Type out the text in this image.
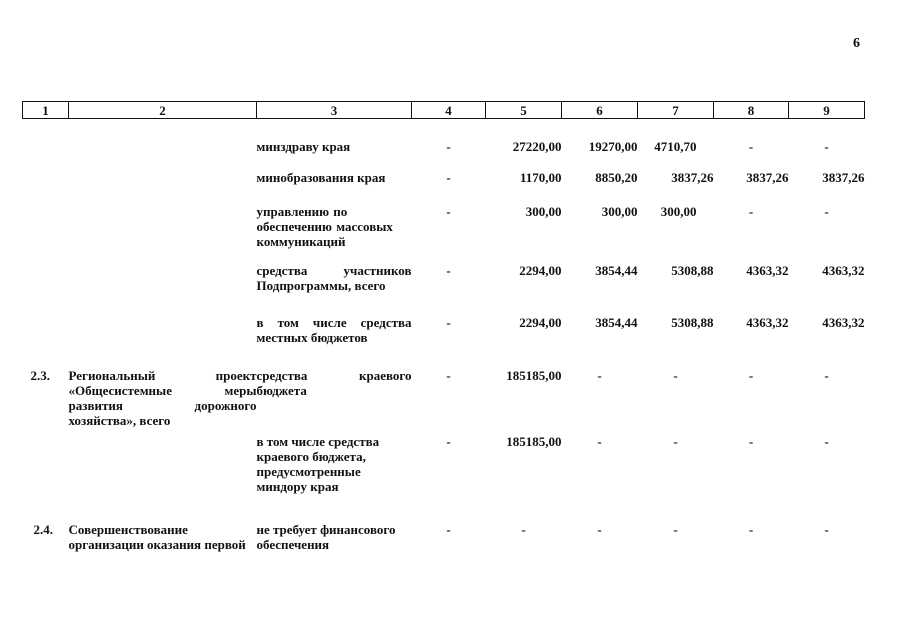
6
1	2	3	4	5	6	7	8	9
		минздраву края	-	27220,00	19270,00	4710,70	-	-
		минобразования края	-	1170,00	8850,20	3837,26	3837,26	3837,26
		управлению по обеспечению массовых коммуникаций	-	300,00	300,00	300,00	-	-
		средства участников Подпрограммы, всего	-	2294,00	3854,44	5308,88	4363,32	4363,32
		в том числе средства местных бюджетов	-	2294,00	3854,44	5308,88	4363,32	4363,32
2.3.	Региональный проект «Общесистемные меры развития дорожного хозяйства», всего	средства краевого бюджета	-	185185,00	-	-	-	-
		в том числе средства краевого бюджета, предусмотренные миндору края	-	185185,00	-	-	-	-
2.4.	Совершенствование организации оказания первой	не требует финансового обеспечения	-	-	-	-	-	-
